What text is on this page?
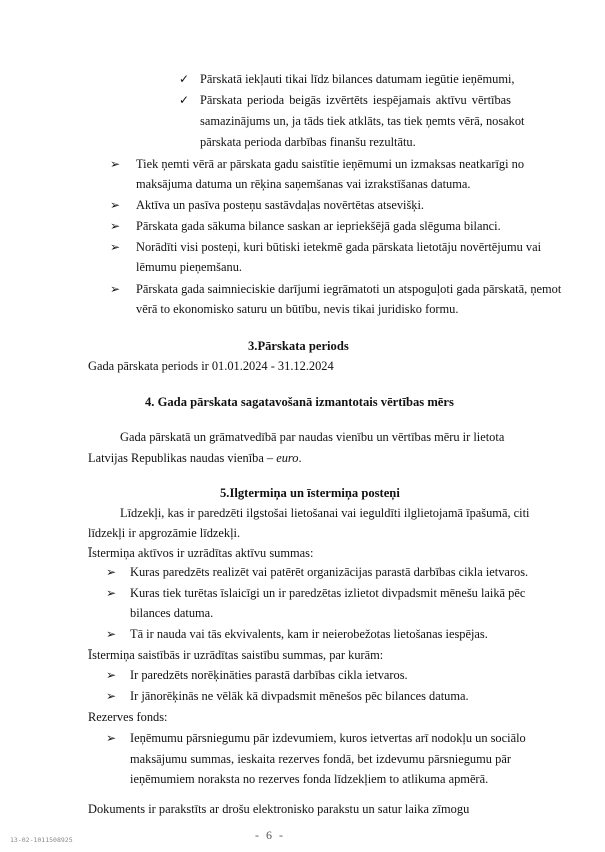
✓ Pārskatā iekļauti tikai līdz bilances datumam iegūtie ieņēmumi,
✓ Pārskata perioda beigās izvērtēts iespējamais aktīvu vērtības
samazinājums un, ja tāds tiek atklāts, tas tiek ņemts vērā, nosakot
pārskata perioda darbības finanšu rezultātu.
➢ Tiek ņemti vērā ar pārskata gadu saistītie ieņēmumi un izmaksas neatkarīgi no
maksājuma datuma un rēķina saņemšanas vai izrakstīšanas datuma.
➢ Aktīva un pasīva posteņu sastāvdaļas novērtētas atsevišķi.
➢ Pārskata gada sākuma bilance saskan ar iepriekšējā gada slēguma bilanci.
➢ Norādīti visi posteņi, kuri būtiski ietekmē gada pārskata lietotāju novērtējumu vai
lēmumu pieņemšanu.
➢ Pārskata gada saimnieciskie darījumi iegrāmatoti un atspoguļoti gada pārskatā, ņemot
vērā to ekonomisko saturu un būtību, nevis tikai juridisko formu.
3.Pārskata periods
Gada pārskata periods ir 01.01.2024 - 31.12.2024
4. Gada pārskata sagatavošanā izmantotais vērtības mērs
Gada pārskatā un grāmatvedībā par naudas vienību un vērtības mēru ir lietota
Latvijas Republikas naudas vienība – euro.
5.Ilgtermiņa un īstermiņa posteņi
Līdzekļi, kas ir paredzēti ilgstošai lietošanai vai ieguldīti ilglietojamā īpašumā, citi
līdzekļi ir apgrozāmie līdzekļi.
Īstermiņa aktīvos ir uzrādītas aktīvu summas:
➢ Kuras paredzēts realizēt vai patērēt organizācijas parastā darbības cikla ietvaros.
➢ Kuras tiek turētas īslaicīgi un ir paredzētas izlietot divpadsmit mēnešu laikā pēc
bilances datuma.
➢ Tā ir nauda vai tās ekvivalents, kam ir neierobežotas lietošanas iespējas.
Īstermiņa saistībās ir uzrādītas saistību summas, par kurām:
➢ Ir paredzēts norēķināties parastā darbības cikla ietvaros.
➢ Ir jānorēķinās ne vēlāk kā divpadsmit mēnešos pēc bilances datuma.
Rezerves fonds:
➢ Ieņēmumu pārsniegumu pār izdevumiem, kuros ietvertas arī nodokļu un sociālo
maksājumu summas, ieskaita rezerves fondā, bet izdevumu pārsniegumu pār
ieņēmumiem noraksta no rezerves fonda līdzekļiem to atlikuma apmērā.
Dokuments ir parakstīts ar drošu elektronisko parakstu un satur laika zīmogu
13-02-1011508925	- 6 -
